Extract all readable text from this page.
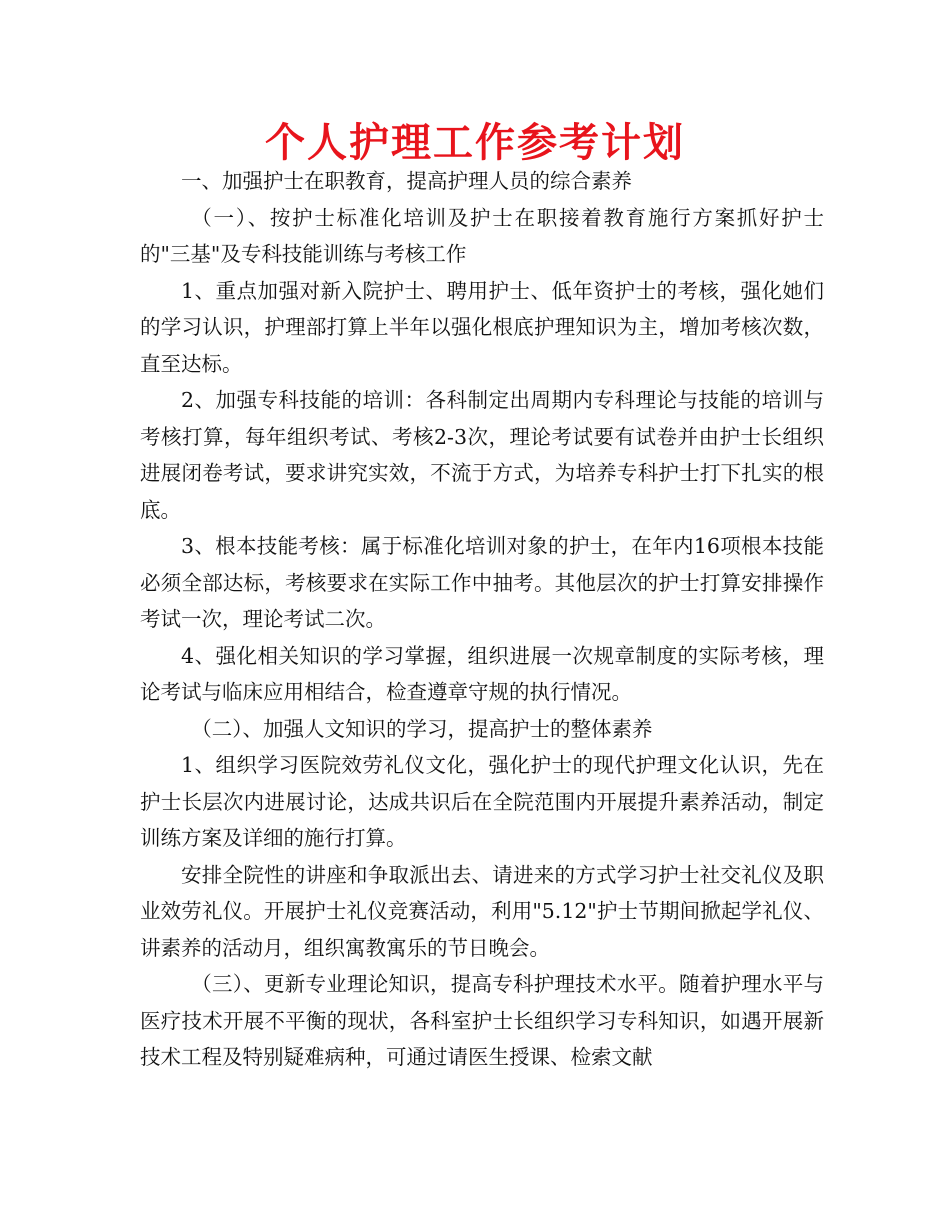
个人护理工作参考计划

一、加强护士在职教育，提高护理人员的综合素养

（一）、按护士标准化培训及护士在职接着教育施行方案抓好护士的"三基"及专科技能训练与考核工作

1、重点加强对新入院护士、聘用护士、低年资护士的考核，强化她们的学习认识，护理部打算上半年以强化根底护理知识为主，增加考核次数，直至达标。

2、加强专科技能的培训：各科制定出周期内专科理论与技能的培训与考核打算，每年组织考试、考核2-3次，理论考试要有试卷并由护士长组织进展闭卷考试，要求讲究实效，不流于方式，为培养专科护士打下扎实的根底。

3、根本技能考核：属于标准化培训对象的护士，在年内16项根本技能必须全部达标，考核要求在实际工作中抽考。其他层次的护士打算安排操作考试一次，理论考试二次。

4、强化相关知识的学习掌握，组织进展一次规章制度的实际考核，理论考试与临床应用相结合，检查遵章守规的执行情况。

（二）、加强人文知识的学习，提高护士的整体素养

1、组织学习医院效劳礼仪文化，强化护士的现代护理文化认识，先在护士长层次内进展讨论，达成共识后在全院范围内开展提升素养活动，制定训练方案及详细的施行打算。

安排全院性的讲座和争取派出去、请进来的方式学习护士社交礼仪及职业效劳礼仪。开展护士礼仪竞赛活动，利用"5.12"护士节期间掀起学礼仪、讲素养的活动月，组织寓教寓乐的节日晚会。

（三）、更新专业理论知识，提高专科护理技术水平。随着护理水平与医疗技术开展不平衡的现状，各科室护士长组织学习专科知识，如遇开展新技术工程及特别疑难病种，可通过请医生授课、检索文献
